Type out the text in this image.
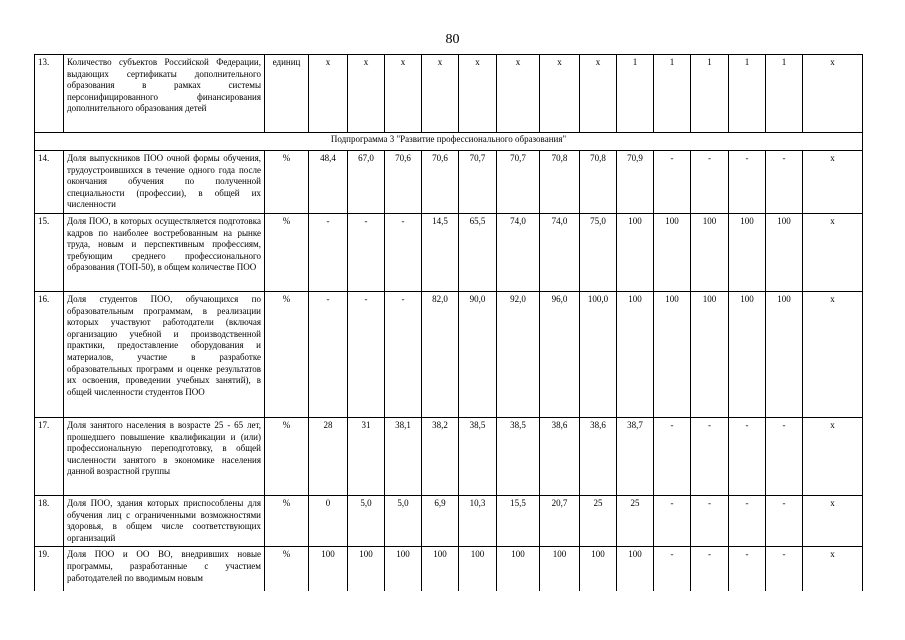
80
13.	Количество субъектов Российской Федерации, выдающих сертификаты дополнительного образования в рамках системы персонифицированного финансирования дополнительного образования детей	единиц	х	х	х	х	х	х	х	х	1	1	1	1	1	х
Подпрограмма 3 "Развитие профессионального образования"																
14.	Доля выпускников ПОО очной формы обучения, трудоустроившихся в течение одного года после окончания обучения по полученной специальности (профессии), в общей их численности	%	48,4	67,0	70,6	70,6	70,7	70,7	70,8	70,8	70,9	-	-	-	-	х
15.	Доля ПОО, в которых осуществляется подготовка кадров по наиболее востребованным на рынке труда, новым и перспективным профессиям, требующим среднего профессионального образования (ТОП-50), в общем количестве ПОО	%	-	-	-	14,5	65,5	74,0	74,0	75,0	100	100	100	100	100	х
16.	Доля студентов ПОО, обучающихся по образовательным программам, в реализации которых участвуют работодатели (включая организацию учебной и производственной практики, предоставление оборудования и материалов, участие в разработке образовательных программ и оценке результатов их освоения, проведении учебных занятий), в общей численности студентов ПОО	%	-	-	-	82,0	90,0	92,0	96,0	100,0	100	100	100	100	100	х
17.	Доля занятого населения в возрасте 25 - 65 лет, прошедшего повышение квалификации и (или) профессиональную переподготовку, в общей численности занятого в экономике населения данной возрастной группы	%	28	31	38,1	38,2	38,5	38,5	38,6	38,6	38,7	-	-	-	-	х
18.	Доля ПОО, здания которых приспособлены для обучения лиц с ограниченными возможностями здоровья, в общем числе соответствующих организаций	%	0	5,0	5,0	6,9	10,3	15,5	20,7	25	25	-	-	-	-	х
19.	Доля ПОО и ОО ВО, внедривших новые программы, разработанные с участием работодателей по вводимым новым	%	100	100	100	100	100	100	100	100	100	-	-	-	-	х
